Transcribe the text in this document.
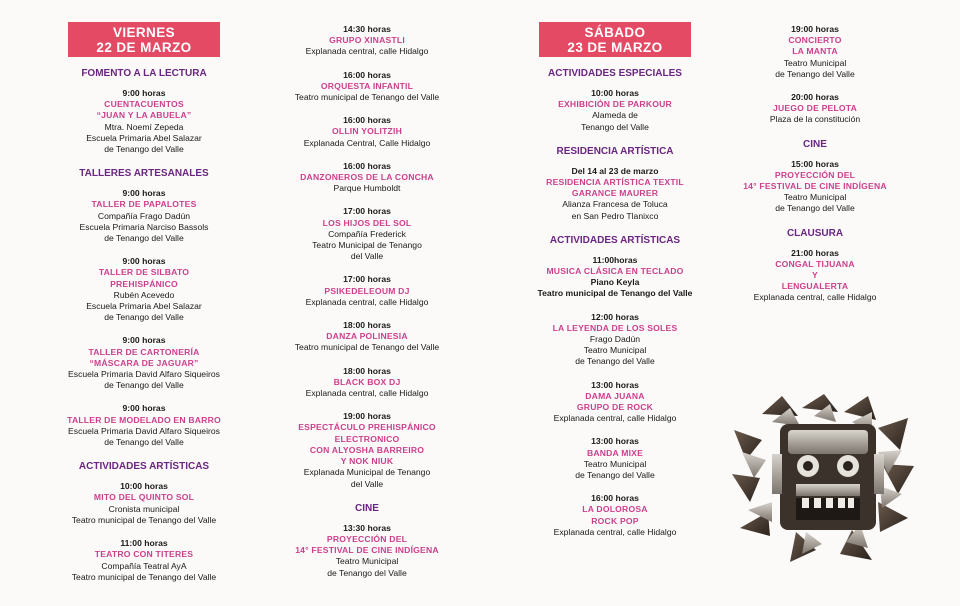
VIERNES
22 DE MARZO
FOMENTO A LA LECTURA
9:00 horas
CUENTACUENTOS
“JUAN Y LA ABUELA”
Mtra. Noemí Zepeda
Escuela Primaria Abel Salazar
de Tenango del Valle
TALLERES ARTESANALES
9:00 horas
TALLER DE PAPALOTES
Compañía Frago Dadún
Escuela Primaria Narciso Bassols
de Tenango del Valle
9:00 horas
TALLER DE SILBATO
PREHISPÁNICO
Rubén Acevedo
Escuela Primaria Abel Salazar
de Tenango del Valle
9:00 horas
TALLER DE CARTONERÍA
“MÁSCARA DE JAGUAR”
Escuela Primaria David Alfaro Siqueiros
de Tenango del Valle
9:00 horas
TALLER DE MODELADO EN BARRO
Escuela Primaria David Alfaro Siqueiros
de Tenango del Valle
ACTIVIDADES ARTÍSTICAS
10:00 horas
MITO DEL QUINTO SOL
Cronista municipal
Teatro municipal de Tenango del Valle
11:00 horas
TEATRO CON TITERES
Compañía Teatral AyA
Teatro municipal de Tenango del Valle
14:30 horas
GRUPO XINASTLI
Explanada central, calle Hidalgo
16:00 horas
ORQUESTA INFANTIL
Teatro municipal de Tenango del Valle
16:00 horas
OLLIN YOLITZIH
Explanada Central, Calle Hidalgo
16:00 horas
DANZONEROS DE LA CONCHA
Parque Humboldt
17:00 horas
LOS HIJOS DEL SOL
Compañía Frederick
Teatro Municipal de Tenango
del Valle
17:00 horas
PSIKEDELEOUM DJ
Explanada central, calle Hidalgo
18:00 horas
DANZA POLINESIA
Teatro municipal de Tenango del Valle
18:00 horas
BLACK BOX DJ
Explanada central, calle Hidalgo
19:00 horas
ESPECTÁCULO PREHISPÁNICO
ELECTRONICO
CON ALYOSHA BARREIRO
Y NOK NIUK
Explanada Municipal de Tenango
del Valle
CINE
13:30 horas
PROYECCIÓN DEL
14° FESTIVAL DE CINE INDÍGENA
Teatro Municipal
de Tenango del Valle
SÁBADO
23 DE MARZO
ACTIVIDADES ESPECIALES
10:00 horas
EXHIBICIÓN DE PARKOUR
Alameda de
Tenango del Valle
RESIDENCIA ARTÍSTICA
Del 14 al 23 de marzo
RESIDENCIA ARTÍSTICA TEXTIL
GARANCE MAURER
Alianza Francesa de Toluca
en San Pedro Tlanixco
ACTIVIDADES ARTÍSTICAS
11:00horas
MUSICA CLÁSICA EN TECLADO
Piano Keyla
Teatro municipal de Tenango del Valle
12:00 horas
LA LEYENDA DE LOS SOLES
Frago Dadún
Teatro Municipal
de Tenango del Valle
13:00 horas
DAMA JUANA
GRUPO DE ROCK
Explanada central, calle Hidalgo
13:00 horas
BANDA MIXE
Teatro Municipal
de Tenango del Valle
16:00 horas
LA DOLOROSA
ROCK POP
Explanada central, calle Hidalgo
19:00 horas
CONCIERTO
LA MANTA
Teatro Municipal
de Tenango del Valle
20:00 horas
JUEGO DE PELOTA
Plaza de la constitución
CINE
15:00 horas
PROYECCIÓN DEL
14° FESTIVAL DE CINE INDÍGENA
Teatro Municipal
de Tenango del Valle
CLAUSURA
21:00 horas
CONGAL TIJUANA
Y
LENGUALERTA
Explanada central, calle Hidalgo
